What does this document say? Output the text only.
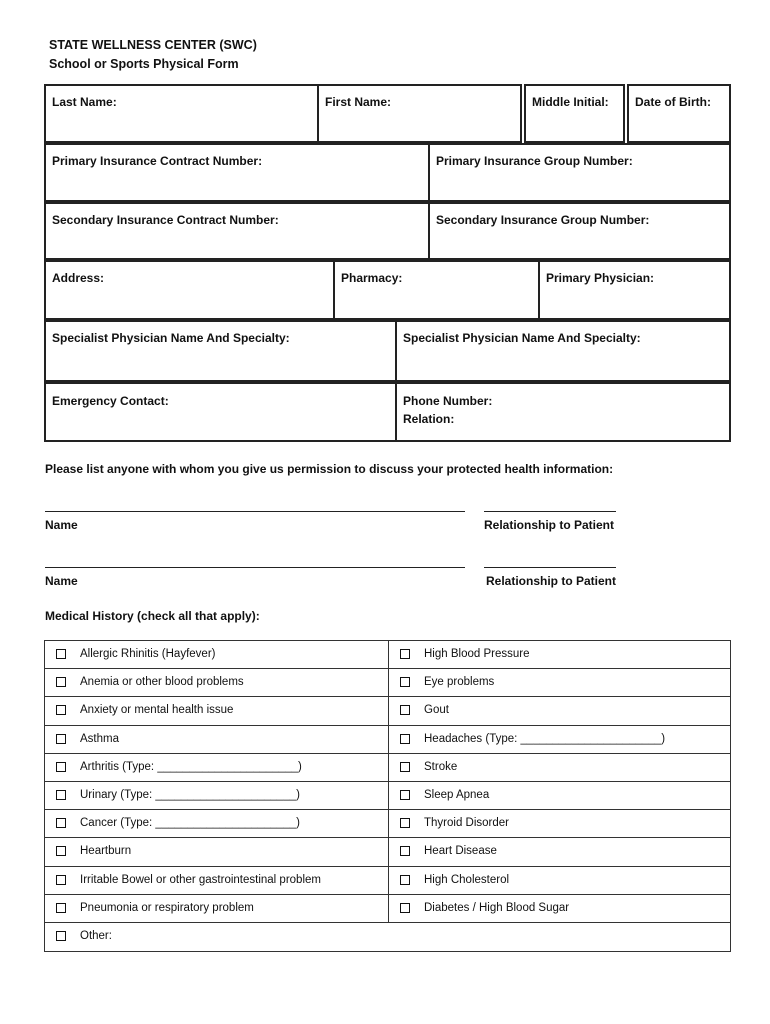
STATE WELLNESS CENTER (SWC)
School or Sports Physical Form
Last Name:	First Name:	Middle Initial: Date of Birth:
Primary Insurance Contract Number:	Primary Insurance Group Number:
Secondary Insurance Contract Number:	Secondary Insurance Group Number:
Address:	Pharmacy:	Primary Physician:
Specialist Physician Name And Specialty:	Specialist Physician Name And Specialty:
Emergency Contact:	Phone Number:
Relation:
Please list anyone with whom you give us permission to discuss your protected health information:
Name	Relationship to Patient
Name	Relationship to Patient
Medical History (check all that apply):
Allergic Rhinitis (Hayfever)	High Blood Pressure
Anemia or other blood problems	Eye problems
Anxiety or mental health issue	Gout
Asthma	Headaches (Type: ______________________)
Arthritis (Type: ______________________)	Stroke
Urinary (Type: ______________________)	Sleep Apnea
Cancer (Type: ______________________)	Thyroid Disorder
Heartburn	Heart Disease
Irritable Bowel or other gastrointestinal problem	High Cholesterol
Pneumonia or respiratory problem	Diabetes / High Blood Sugar
Other:
